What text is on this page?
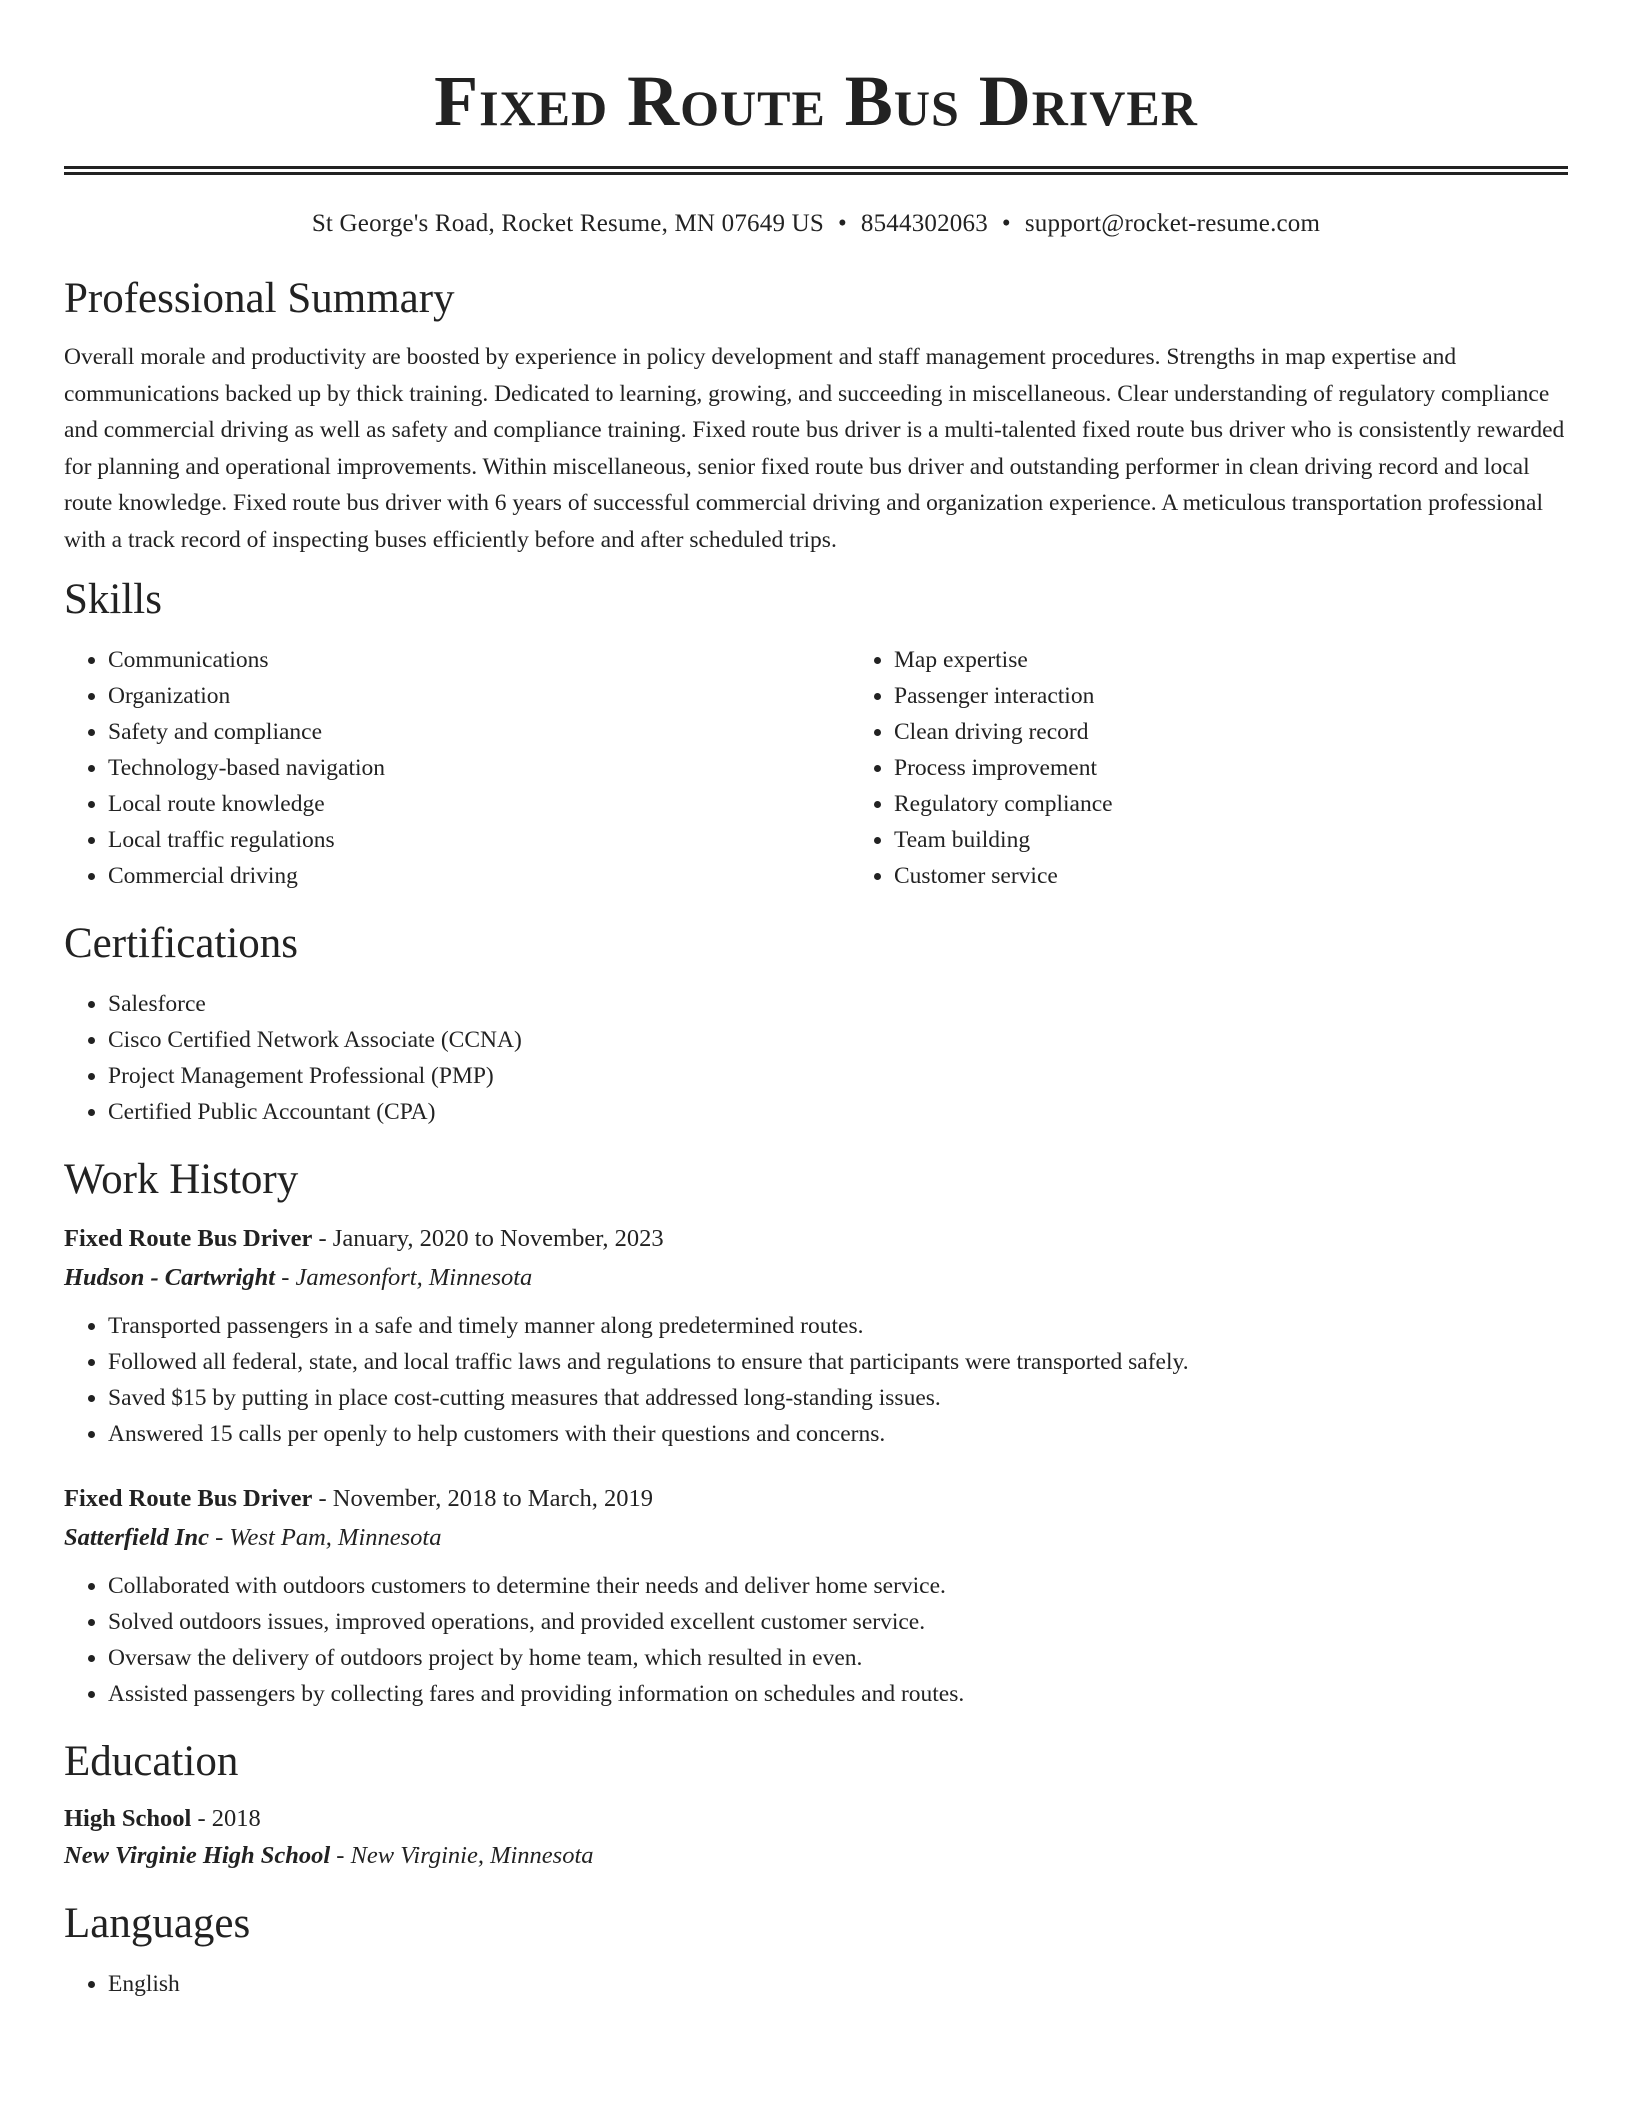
Fixed Route Bus Driver
St George's Road, Rocket Resume, MN 07649 US • 8544302063 • support@rocket-resume.com
Professional Summary

Overall morale and productivity are boosted by experience in policy development and staff management procedures. Strengths in map expertise and communications backed up by thick training. Dedicated to learning, growing, and succeeding in miscellaneous. Clear understanding of regulatory compliance and commercial driving as well as safety and compliance training. Fixed route bus driver is a multi-talented fixed route bus driver who is consistently rewarded for planning and operational improvements. Within miscellaneous, senior fixed route bus driver and outstanding performer in clean driving record and local route knowledge. Fixed route bus driver with 6 years of successful commercial driving and organization experience. A meticulous transportation professional with a track record of inspecting buses efficiently before and after scheduled trips.

Skills
• Communications
• Organization
• Safety and compliance
• Technology-based navigation
• Local route knowledge
• Local traffic regulations
• Commercial driving
• Map expertise
• Passenger interaction
• Clean driving record
• Process improvement
• Regulatory compliance
• Team building
• Customer service
Certifications
• Salesforce
• Cisco Certified Network Associate (CCNA)
• Project Management Professional (PMP)
• Certified Public Accountant (CPA)
Work History
Fixed Route Bus Driver - January, 2020 to November, 2023
Hudson - Cartwright - Jamesonfort, Minnesota
• Transported passengers in a safe and timely manner along predetermined routes.
• Followed all federal, state, and local traffic laws and regulations to ensure that participants were transported safely.
• Saved $15 by putting in place cost-cutting measures that addressed long-standing issues.
• Answered 15 calls per openly to help customers with their questions and concerns.
Fixed Route Bus Driver - November, 2018 to March, 2019
Satterfield Inc - West Pam, Minnesota
• Collaborated with outdoors customers to determine their needs and deliver home service.
• Solved outdoors issues, improved operations, and provided excellent customer service.
• Oversaw the delivery of outdoors project by home team, which resulted in even.
• Assisted passengers by collecting fares and providing information on schedules and routes.
Education
High School - 2018
New Virginie High School - New Virginie, Minnesota
Languages
• English
